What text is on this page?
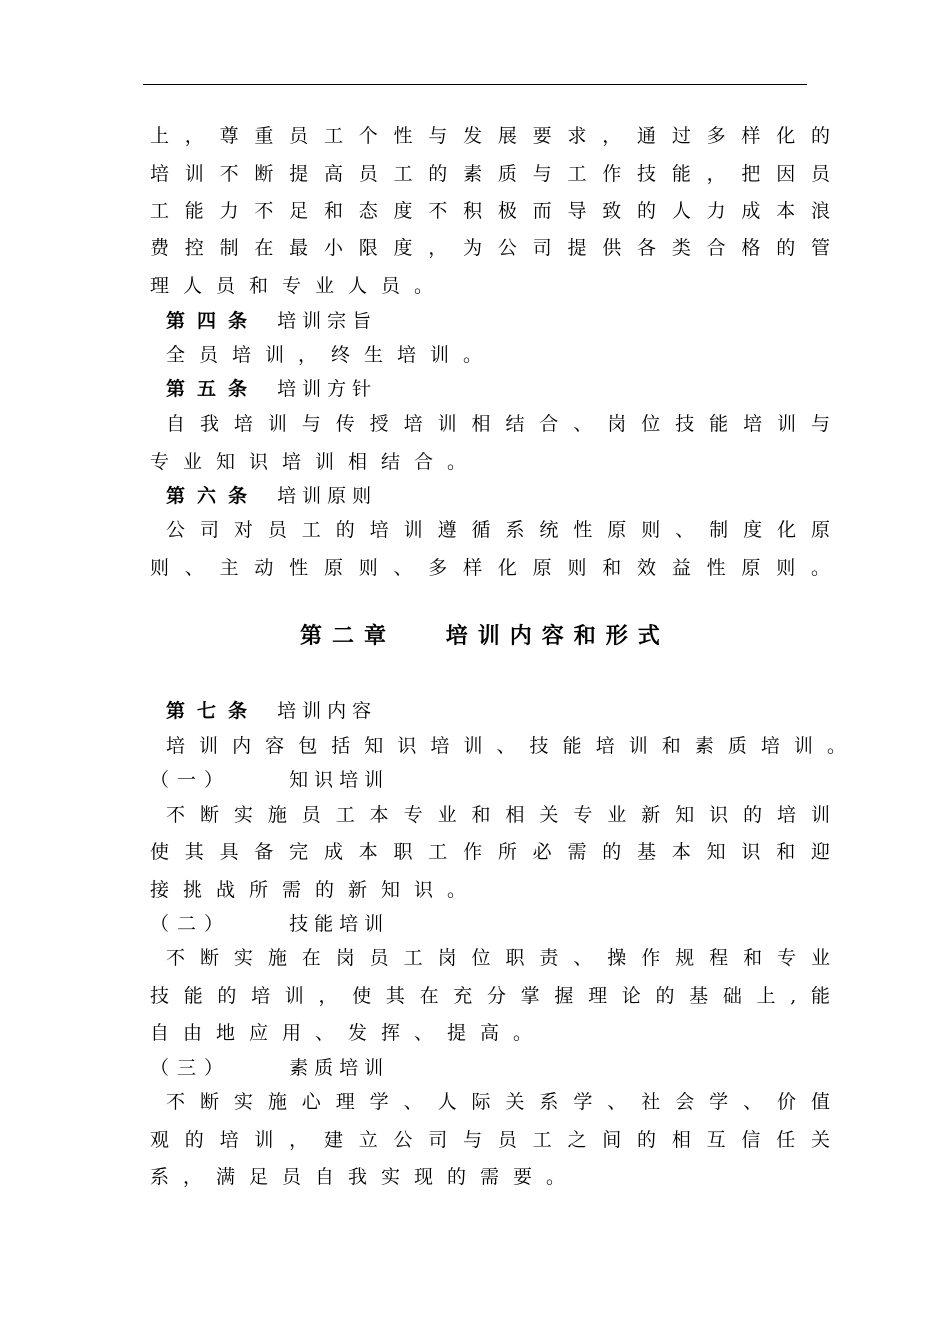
上，尊重员工个性与发展要求，通过多样化的
培训不断提高员工的素质与工作技能，把因员
工能力不足和态度不积极而导致的人力成本浪
费控制在最小限度，为公司提供各类合格的管
理人员和专业人员。
第四条 培训宗旨
全员培训，终生培训。
第五条 培训方针
自我培训与传授培训相结合、岗位技能培训与
专业知识培训相结合。
第六条 培训原则
公司对员工的培训遵循系统性原则、制度化原
则、主动性原则、多样化原则和效益性原则。
第二章 培训内容和形式
第七条 培训内容
培训内容包括知识培训、技能培训和素质培训。
（一）	知识培训
不断实施员工本专业和相关专业新知识的培训
使其具备完成本职工作所必需的基本知识和迎
接挑战所需的新知识。
（二）	技能培训
不断实施在岗员工岗位职责、操作规程和专业
技能的培训，使其在充分掌握理论的基础上,能
自由地应用、发挥、提高。
（三）	素质培训
不断实施心理学、人际关系学、社会学、价值
观的培训，建立公司与员工之间的相互信任关
系，满足员自我实现的需要。
